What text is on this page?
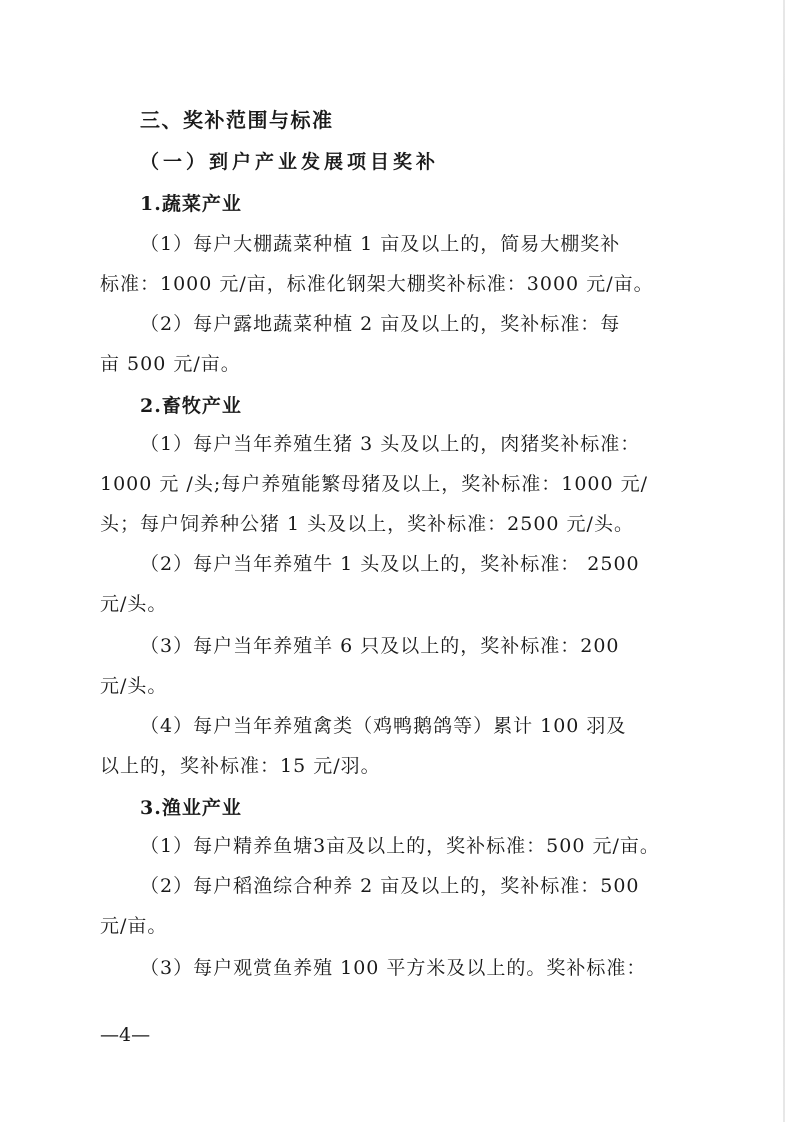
三、奖补范围与标准
（一）到户产业发展项目奖补
1.蔬菜产业
（1）每户大棚蔬菜种植 1 亩及以上的，简易大棚奖补
标准：1000 元/亩，标准化钢架大棚奖补标准：3000 元/亩。
（2）每户露地蔬菜种植 2 亩及以上的，奖补标准：每
亩 500 元/亩。
2.畜牧产业
（1）每户当年养殖生猪 3 头及以上的，肉猪奖补标准：
1000 元 /头;每户养殖能繁母猪及以上，奖补标准：1000 元/
头；每户饲养种公猪 1 头及以上，奖补标准：2500 元/头。
（2）每户当年养殖牛 1 头及以上的，奖补标准： 2500
元/头。
（3）每户当年养殖羊 6 只及以上的，奖补标准：200
元/头。
（4）每户当年养殖禽类（鸡鸭鹅鸽等）累计 100 羽及
以上的，奖补标准：15 元/羽。
3.渔业产业
（1）每户精养鱼塘3亩及以上的，奖补标准：500 元/亩。
（2）每户稻渔综合种养 2 亩及以上的，奖补标准：500
元/亩。
（3）每户观赏鱼养殖 100 平方米及以上的。奖补标准：
—4—
